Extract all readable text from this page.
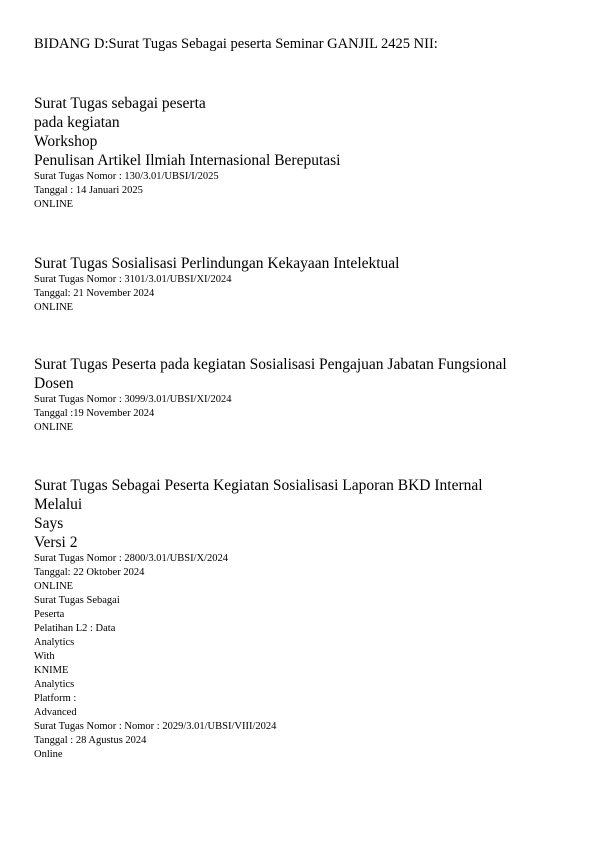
BIDANG D:Surat Tugas Sebagai peserta Seminar GANJIL 2425 NII:
Surat Tugas sebagai peserta
pada kegiatan
Workshop
Penulisan Artikel Ilmiah Internasional Bereputasi
Surat Tugas Nomor : 130/3.01/UBSI/I/2025
Tanggal : 14 Januari 2025
ONLINE
Surat Tugas Sosialisasi Perlindungan Kekayaan Intelektual
Surat Tugas Nomor : 3101/3.01/UBSI/XI/2024
Tanggal: 21 November 2024
ONLINE
Surat Tugas Peserta pada kegiatan Sosialisasi Pengajuan Jabatan Fungsional
Dosen
Surat Tugas Nomor : 3099/3.01/UBSI/XI/2024
Tanggal :19 November 2024
ONLINE
Surat Tugas Sebagai Peserta Kegiatan Sosialisasi Laporan BKD Internal
Melalui
Says
Versi 2
Surat Tugas Nomor : 2800/3.01/UBSI/X/2024
Tanggal: 22 Oktober 2024
ONLINE
Surat Tugas Sebagai
Peserta
Pelatihan L2 : Data
Analytics
With
KNIME
Analytics
Platform :
Advanced
Surat Tugas Nomor : Nomor : 2029/3.01/UBSI/VIII/2024
Tanggal : 28 Agustus 2024
Online
